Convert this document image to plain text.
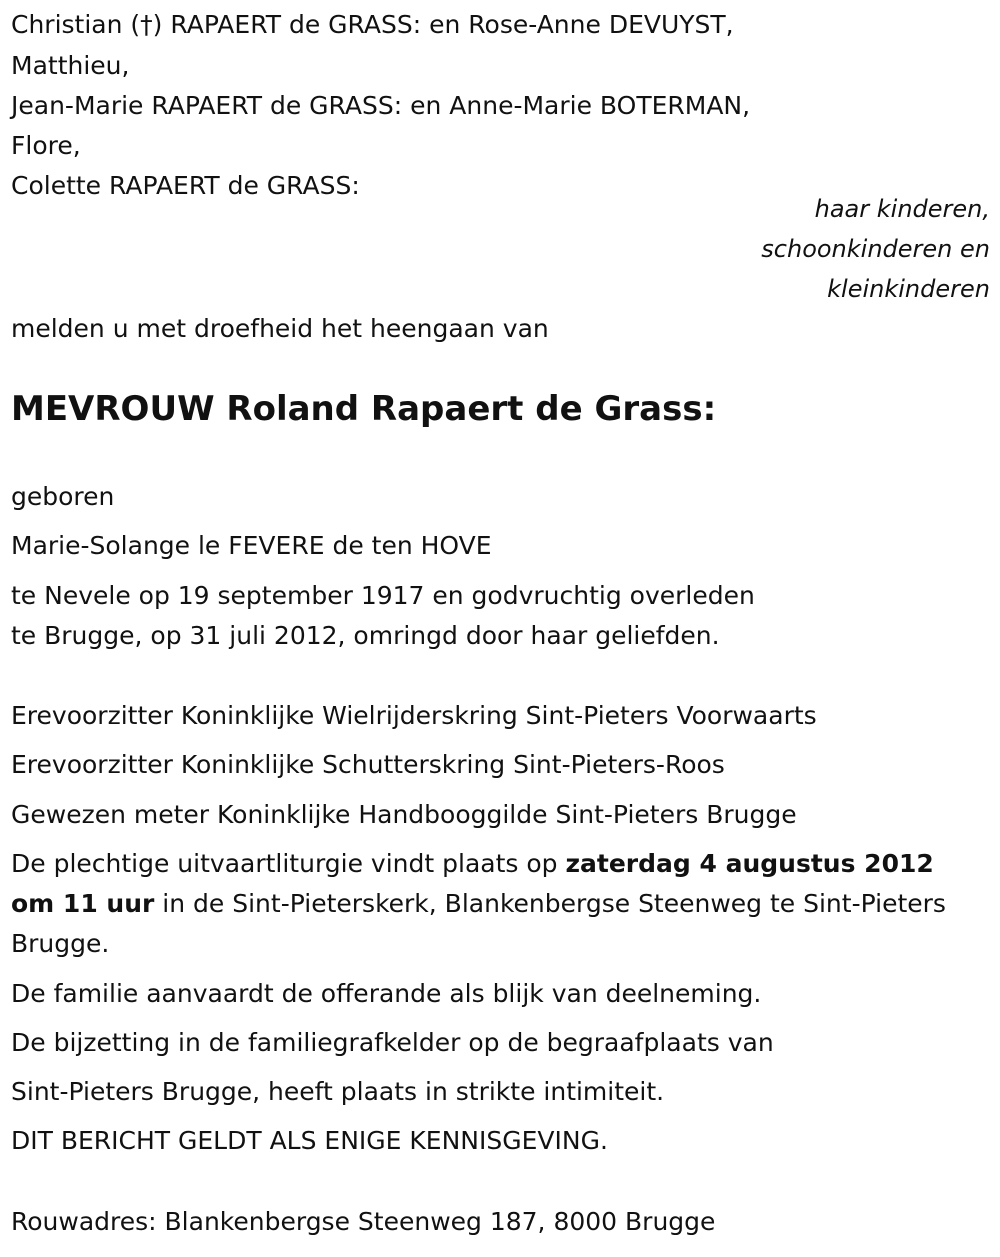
Christian (†) RAPAERT de GRASS: en Rose-Anne DEVUYST,
Matthieu,
Jean-Marie RAPAERT de GRASS: en Anne-Marie BOTERMAN,
Flore,
Colette RAPAERT de GRASS:
haar kinderen,
schoonkinderen en
kleinkinderen
melden u met droefheid het heengaan van
MEVROUW Roland Rapaert de Grass:
geboren
Marie-Solange le FEVERE de ten HOVE
te Nevele op 19 september 1917 en godvruchtig overleden
te Brugge, op 31 juli 2012, omringd door haar geliefden.
Erevoorzitter Koninklijke Wielrijderskring Sint-Pieters Voorwaarts
Erevoorzitter Koninklijke Schutterskring Sint-Pieters-Roos
Gewezen meter Koninklijke Handbooggilde Sint-Pieters Brugge
De plechtige uitvaartliturgie vindt plaats op zaterdag 4 augustus 2012
om 11 uur in de Sint-Pieterskerk, Blankenbergse Steenweg te Sint-Pieters
Brugge.
De familie aanvaardt de offerande als blijk van deelneming.
De bijzetting in de familiegrafkelder op de begraafplaats van
Sint-Pieters Brugge, heeft plaats in strikte intimiteit.
DIT BERICHT GELDT ALS ENIGE KENNISGEVING.
Rouwadres: Blankenbergse Steenweg 187, 8000 Brugge
